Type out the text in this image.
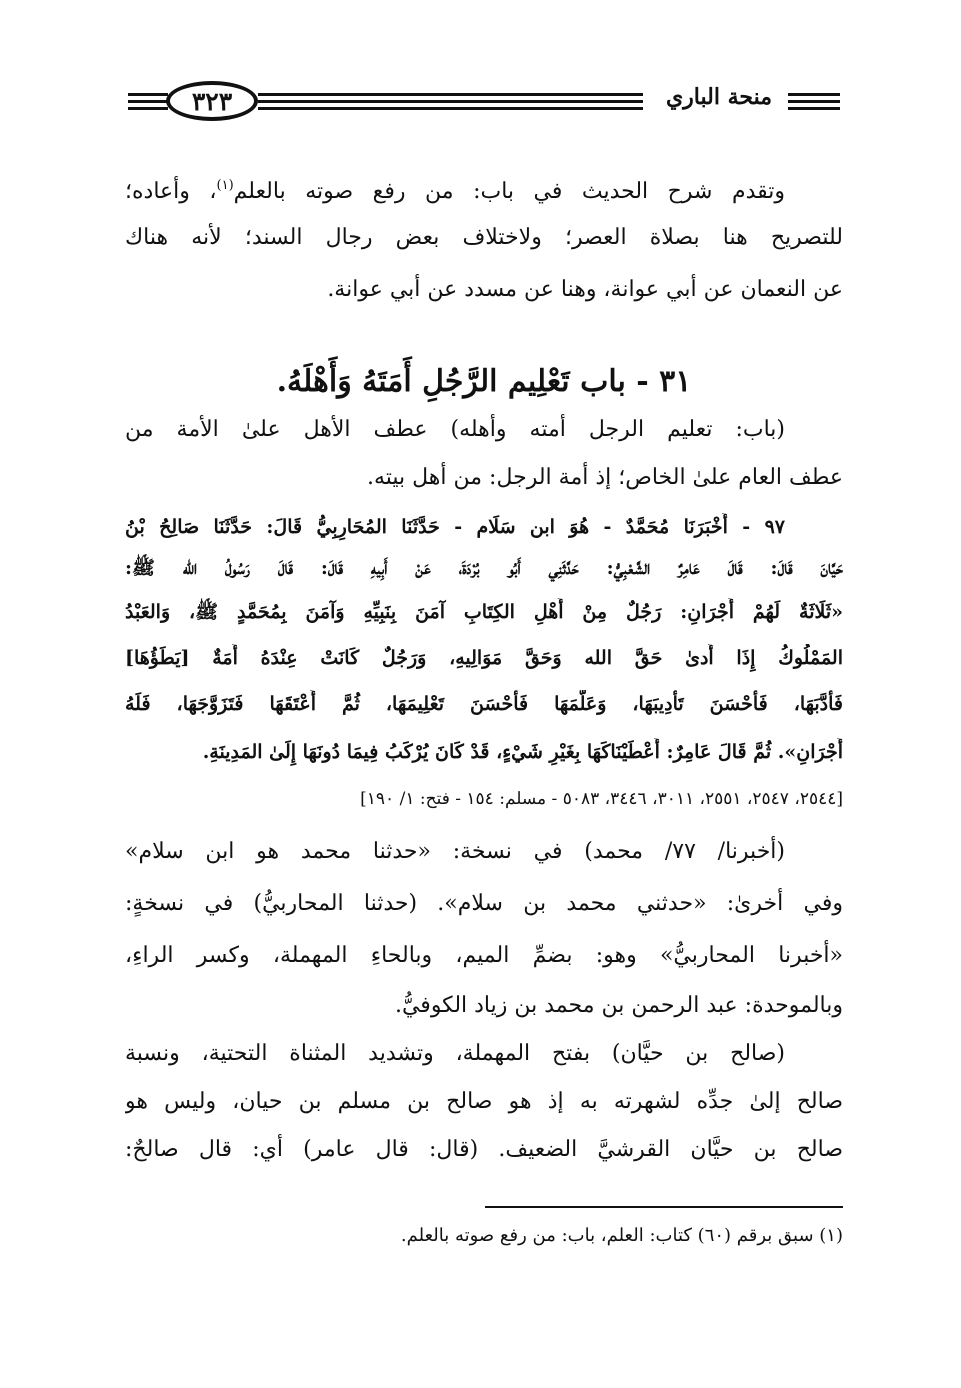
٣٢٣	منحة الباري
وتقدم شرح الحديث في باب: من رفع صوته بالعلم$^{(١)}$، وأعاده؛
للتصريح هنا بصلاة العصر؛ ولاختلاف بعض رجال السند؛ لأنه هناك
عن النعمان عن أبي عوانة، وهنا عن مسدد عن أبي عوانة.
٣١ - باب تَعْلِيم الرَّجُلِ أَمَتَهُ وَأَهْلَهُ.
(باب: تعليم الرجل أمته وأهله) عطف الأهل علىٰ الأمة من
عطف العام علىٰ الخاص؛ إذ أمة الرجل: من أهل بيته.
٩٧ - أَخْبَرَنَا مُحَمَّدٌ - هُوَ ابن سَلَام - حَدَّثَنَا المُحَارِبِيُّ قَالَ: حَدَّثَنَا صَالِحُ بْنُ
حَيَّانَ قَالَ: قَالَ عَامِرٌ الشَّعْبِيُّ: حَدَّثَنِي أَبُو بُرْدَةَ، عَنْ أَبِيهِ قَالَ: قَالَ رَسُولُ الله ﷺ:
«ثَلَاثَةٌ لَهُمْ أَجْرَانِ: رَجُلٌ مِنْ أَهْلِ الكِتَابِ آمَنَ بِنَبِيِّهِ وَآمَنَ بِمُحَمَّدٍ ﷺ، وَالعَبْدُ
المَمْلُوكُ إِذَا أَدىٰ حَقَّ الله وَحَقَّ مَوَالِيهِ، وَرَجُلٌ كَانَتْ عِنْدَهُ أَمَةٌ [يَطَؤُهَا]
فَأَدَّبَهَا، فَأَحْسَنَ تَأْدِيبَهَا، وَعَلَّمَهَا فَأَحْسَنَ تَعْلِيمَهَا، ثُمَّ أَعْتَقَهَا فَتَزَوَّجَهَا، فَلَهُ
أَجْرَانِ». ثُمَّ قَالَ عَامِرٌ: أَعْطَيْنَاكَهَا بِغَيْرِ شَيْءٍ، قَدْ كَانَ يُرْكَبُ فِيمَا دُونَهَا إِلَىٰ المَدِينَةِ.
[٢٥٤٤، ٢٥٤٧، ٢٥٥١، ٣٠١١، ٣٤٤٦، ٥٠٨٣ - مسلم: ١٥٤ - فتح: ١/ ١٩٠]
(أخبرنا/ ٧٧/ محمد) في نسخة: «حدثنا محمد هو ابن سلام»
وفي أخرىٰ: «حدثني محمد بن سلام». (حدثنا المحاربيُّ) في نسخةٍ:
«أخبرنا المحاربيُّ» وهو: بضمِّ الميم، وبالحاءِ المهملة، وكسر الراءِ،
وبالموحدة: عبد الرحمن بن محمد بن زياد الكوفيُّ.
(صالح بن حيَّان) بفتح المهملة، وتشديد المثناة التحتية، ونسبة
صالح إلىٰ جدِّه لشهرته به إذ هو صالح بن مسلم بن حيان، وليس هو
صالح بن حيَّان القرشيَّ الضعيف. (قال: قال عامر) أي: قال صالحٌ:
(١) سبق برقم (٦٠) كتاب: العلم، باب: من رفع صوته بالعلم.
